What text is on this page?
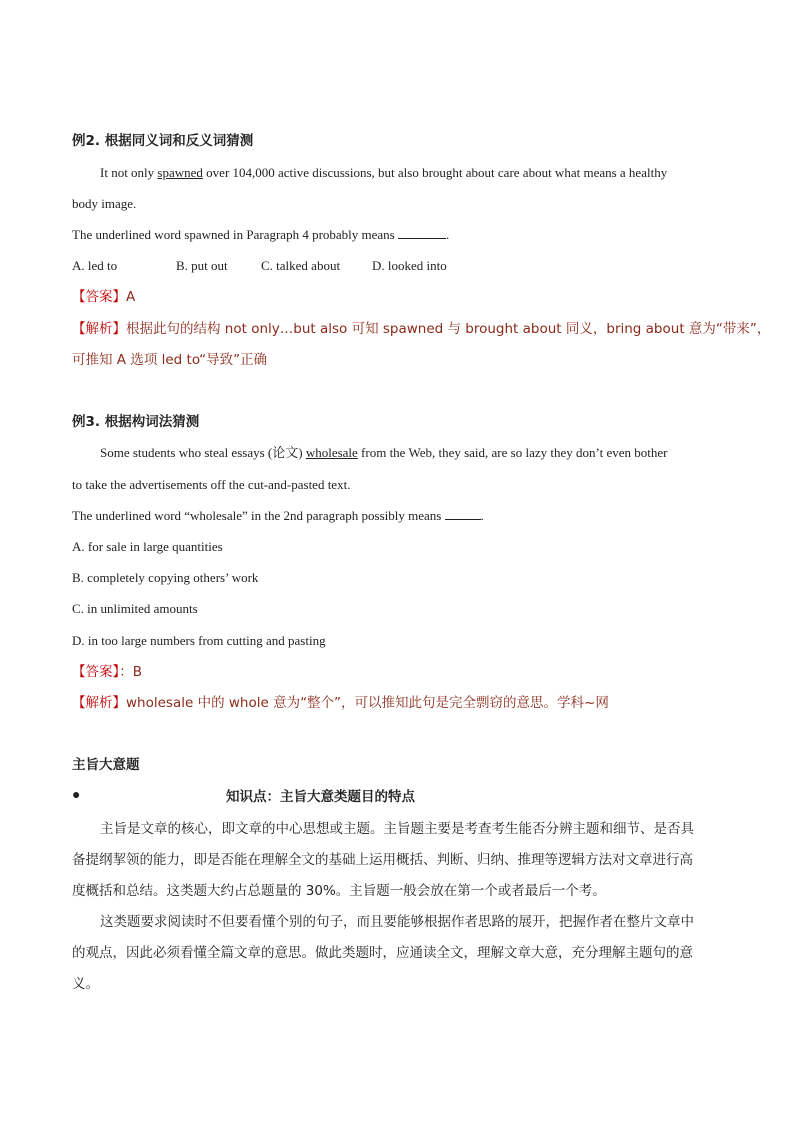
例2. 根据同义词和反义词猜测
It not only spawned over 104,000 active discussions, but also brought about care about what means a healthy
body image.
The underlined word spawned in Paragraph 4 probably means	.
A. led to	B. put out	C. talked about D. looked into
【答案】A
【解析】根据此句的结构 not only…but also 可知 spawned 与 brought about 同义，bring about 意为“带来”，
可推知 A 选项 led to“导致”正确
例3. 根据构词法猜测
Some students who steal essays (论文) wholesale from the Web, they said, are so lazy they don’t even bother
to take the advertisements off the cut-and-pasted text.
The underlined word “wholesale” in the 2nd paragraph possibly means	.
A. for sale in large quantities
B. completely copying others’ work
C. in unlimited amounts
D. in too large numbers from cutting and pasting
【答案】：B
【解析】wholesale 中的 whole 意为“整个”，可以推知此句是完全剽窃的意思。学科~网
主旨大意题
●	知识点：主旨大意类题目的特点
主旨是文章的核心，即文章的中心思想或主题。主旨题主要是考查考生能否分辨主题和细节、是否具
备提纲挈领的能力，即是否能在理解全文的基础上运用概括、判断、归纳、推理等逻辑方法对文章进行高
度概括和总结。这类题大约占总题量的 30%。主旨题一般会放在第一个或者最后一个考。
这类题要求阅读时不但要看懂个别的句子，而且要能够根据作者思路的展开，把握作者在整片文章中
的观点，因此必须看懂全篇文章的意思。做此类题时，应通读全文，理解文章大意，充分理解主题句的意
义。
